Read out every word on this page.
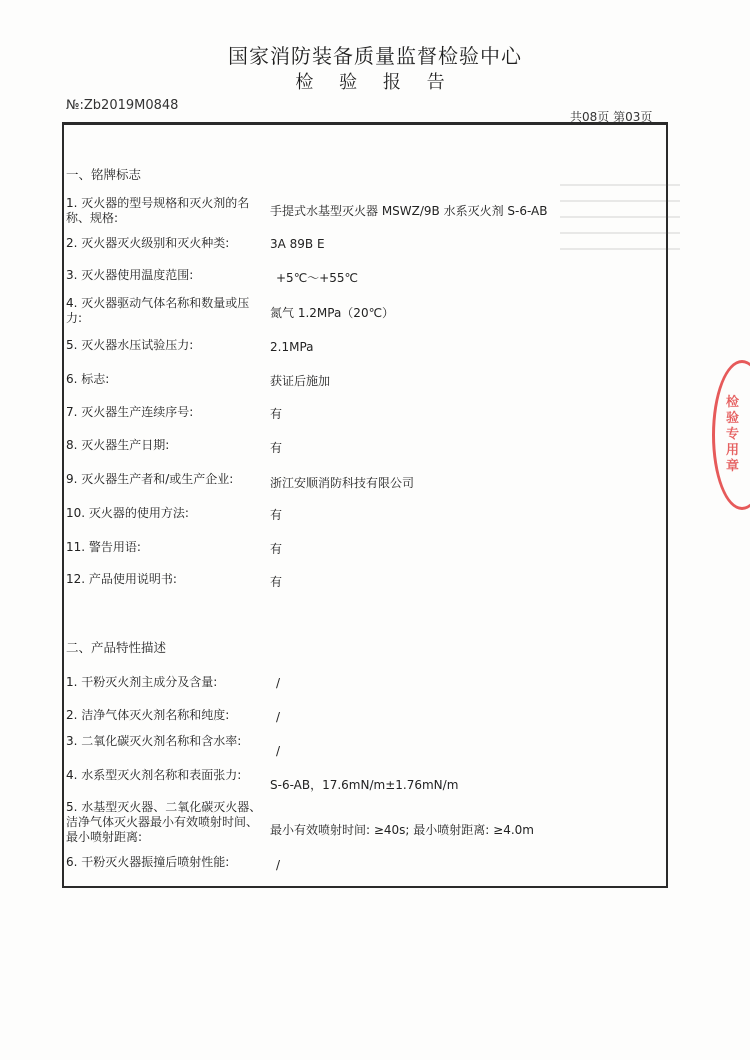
国家消防装备质量监督检验中心
检 验 报 告
№:Zb2019M0848
共08页 第03页
一、铭牌标志
1. 灭火器的型号规格和灭火剂的名称、规格:	手提式水基型灭火器 MSWZ/9B 水系灭火剂 S-6-AB
2. 灭火器灭火级别和灭火种类:	3A 89B E
3. 灭火器使用温度范围:	+5℃～+55℃
4. 灭火器驱动气体名称和数量或压力:	氮气 1.2MPa（20℃）
5. 灭火器水压试验压力:	2.1MPa
6. 标志:	获证后施加
7. 灭火器生产连续序号:	有
8. 灭火器生产日期:	有
9. 灭火器生产者和/或生产企业:	浙江安顺消防科技有限公司
10. 灭火器的使用方法:	有
11. 警告用语:	有
12. 产品使用说明书:	有
二、产品特性描述
1. 干粉灭火剂主成分及含量:	/
2. 洁净气体灭火剂名称和纯度:	/
3. 二氧化碳灭火剂名称和含水率:
/
4. 水系型灭火剂名称和表面张力:
S-6-AB，17.6mN/m±1.76mN/m
5. 水基型灭火器、二氧化碳灭火器、洁净气体灭火器最小有效喷射时间、最小喷射距离:	最小有效喷射时间: ≥40s; 最小喷射距离: ≥4.0m
6. 干粉灭火器振撞后喷射性能:	/
检
验
专
用
章
